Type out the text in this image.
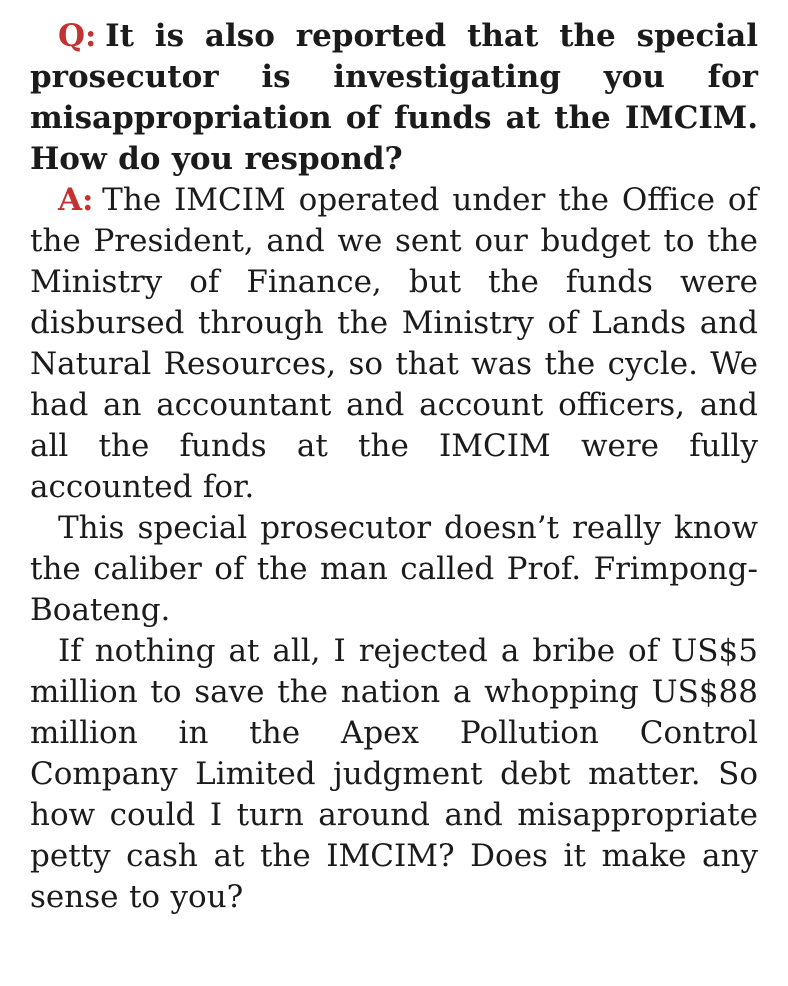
Q: It is also reported that the special prosecutor is investigating you for misappropriation of funds at the IMCIM. How do you respond?

A: The IMCIM operated under the Office of the President, and we sent our budget to the Ministry of Finance, but the funds were disbursed through the Ministry of Lands and Natural Resources, so that was the cycle. We had an accountant and account officers, and all the funds at the IMCIM were fully accounted for.

This special prosecutor doesn’t really know the caliber of the man called Prof. Frimpong-Boateng.

If nothing at all, I rejected a bribe of US$5 million to save the nation a whopping US$88 million in the Apex Pollution Control Company Limited judgment debt matter. So how could I turn around and misappropriate petty cash at the IMCIM? Does it make any sense to you?
